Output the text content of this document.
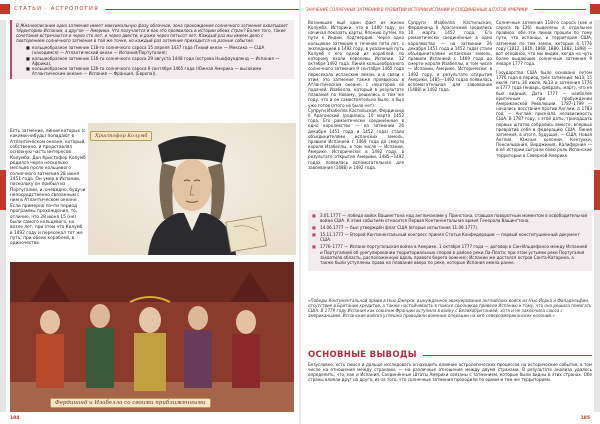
СТАТЬИ · АСТРОЛОГИЯ

В Жизнеописании одно затмение имеет максимальную фазу облачное, зона прохождения солнечного затмения охватывает территорию Испании, а другое — Америки. Что получается и как это проявилось в истории обеих стран? Более того, такие сочетания встречаются и через сто лет, и через двести, и даже через пятьсот лет. Каждый раз мы имеем дело с повторением солнечного затмения в той же точке, но каждый раз затмение приходится на разные события.

■ кольцеобразное затмение 118-го солнечного сароса 15 апреля 1437 года (Тихий океан — Мексика — США (находимся) — Атлантический океан — Испания/Португалия);
■ кольцеобразное затмение 116-го солнечного сароса 29 августа 1448 года (острова Ньюфаундленд — Испания — Африка),
■ кольцеобразное затмение 126-го солнечного сароса 9 сентября 1465 года (Южная Америка — высокими Атлантическим океане — Испания — Франция, (Европа)).

Есть затмение, линии которых (с какими-нибудь) попадают в Атлантическом океане, который, собственно, и представлял основную часть интересов Колумба. Дон Кристофор Колумб родился через несколько месяцев после кольцевого солнечного затмения 28 июня 1451 года. Он умер в Испании, поскольку он прибыл из Португалии, и, очевидно, будучи непосредственно связанным с ним в Атлантическом океане. Если примерно почти период программы прохождения, то, отличие, что 28 июня 15 (не) были самого кольцевого, но возле лет, при этом что Колумб в 1492 году и пересекал тот же путь; при обеих кораблей, в одиночестве.

Христофор Колумб
Фердинанд и Изабелла со своими приближенными
184
ЗНАЧЕНИЕ СОЛНЕЧНЫХ ЗАТМЕНИЙ В РАЗВИТИИ ИСТОРИИ ИСПАНИИ И СОЕДИНЕННЫХ ШТАТОВ АМЕРИКИ

Возникшая ещё один факт из жизни Колумба. Историки, что в 1480 году, он начинал показать карты, Японию путём, по пути к Индии, подтвердив. Через одно кольцевое затмение в течение пяти лет, с экспедицией в 1492 году, в указанный путь Колумб с его одной из кораблей, по которому ехали королевы Испании, 12 октября 1492 года. Линия кольцеобразного солнечного затмения 9 сентября 1465 года пересекала испанские земли, и в связи с этим, это затмение также проявилось в Атлантическом океане, с некоторой её подачей. Изабелла, который в результате плавания по Новому, решились в том же году, что и он самостоятельно было, а был уже готов (этого не было нет).

Супруги Изабелла Кастильская, Фердинанд II Арагонский (родились 10 марта 1452 года, Его романтически соединённые в одно королевство — на затмении 26 декабря 1451 года и 1452 года) стали объединителями испанских земель, правили Испанией с 1469 года до смерти короля Изабеллы, в том числе — Испании, Америке. Исторически: в 1492 году, в результате открытия Америки, 1485—1492 годах появилась вспомогательная для завоевания (1488) и 1492 года.

Солнечные затмения 118-го сароса (как и сароса №126) выделены в отдельное правило: обе эти линии прошли по тому пути, что испанцы, и территория США, затмение по тем земли, которые в 1776 году (1812, 1810, 1868, 1880, 1883, 1898) — вот основное, что мы видим, когда на чуть более выдающие солнечные затмения 9 января 1777 года.

Государство США было основано летом 1776 года в период трёх затмений: №13, 15 июля, пять 30 июля, №13 и затмения 1776 и 1777 года (январь, февраль, март), что не был видный. Дата 1777 — наиболее критичным при пробуждении Американской Революции. 1787–1799 — начались восстания против Англии, а 1783 год — Англия признала независимость США. В 1787 году, с этой даты, тринадцать первых штатов собрались вместе, впервые превратив себя в федерацию США. Линия затмения, в итоге, будущая, — США, Новая Англия, Южные колонии, Кентукки, Пенсильвания, Вирджиния, Калифорния — в её истории сыграли свою роль Испанские территории в Северной Америке.

Супруги Изабелла Кастильская, Фердинанд II Арагонский (родились 10 марта 1452 года, Его романтически соединённые в одно королевство — на затмении 26 декабря 1451 года и 1452 года) стали объединителями испанских земель, правили Испанией с 1469 года до смерти короля Изабеллы, в том числе — Испании, Америке. Исторически: в 1492 году, в результате открытия Америки, 1485—1492 годах появилась вспомогательная для завоевания (1488) и 1492 года.

■	3.01.1777 — победа войск Вашингтона над англичанами у Принстона, ставшая поворотным моментом в освободительной войне США. К этим событиям относится Первая Континентальная армия Генерала Вашингтона.
■	14.06.1777 — был утверждён флаг США (вторые испытания 11.09.1777).
■	15.11.1777 — Второй Континентальный конгресс принял Статьи Конфедерации — первый конституционный документ США.
■	1776–1777 — Испано-португальская война в Америке. 1 октября 1777 года — договор в Сан-Ильдефонсо между Испанией и Португалией об урегулировании территориальных споров в районе реки Ла-Плата; при этом устьями реки Португалия захватила область, расположенную вдоль правого берега (южнее); Испании же достался остров Санта-Катарина, а также были уступлены права на плавание вверх по реке, которые Испания имела ранее.

«Победы Континентальной армии в Нью-Джерси, вынужденное эвакуирование английских войск из Нью-Йорка и Филадельфии, отсутствие в Британии кредитов, а также настойчивость в поиске союзников привели Испанию к тому, что она решила помогать США. В 1779 году Испания как союзник Франции вступила в войну с Великобританией, хотя и не заключила союза с американцами. Испанские войска успешно проводили военные операции на юге североамериканских колоний.»

ОСНОВНЫЕ ВЫВОДЫ

Безусловно, есть смысл и дальше исследовать и находить влияние астрологических процессов на исторические события, в том числе на отношения между странами, — на различные отношения между двумя странами. В результате анализа удалось определить, что, как и Испания, Соединённые Штаты Америки связаны с затмением, которые были видны в этих странах. Обе страны влияли друг на друга, из-за того, что солнечные затмения проходили по одним и тем же территориям.

185
